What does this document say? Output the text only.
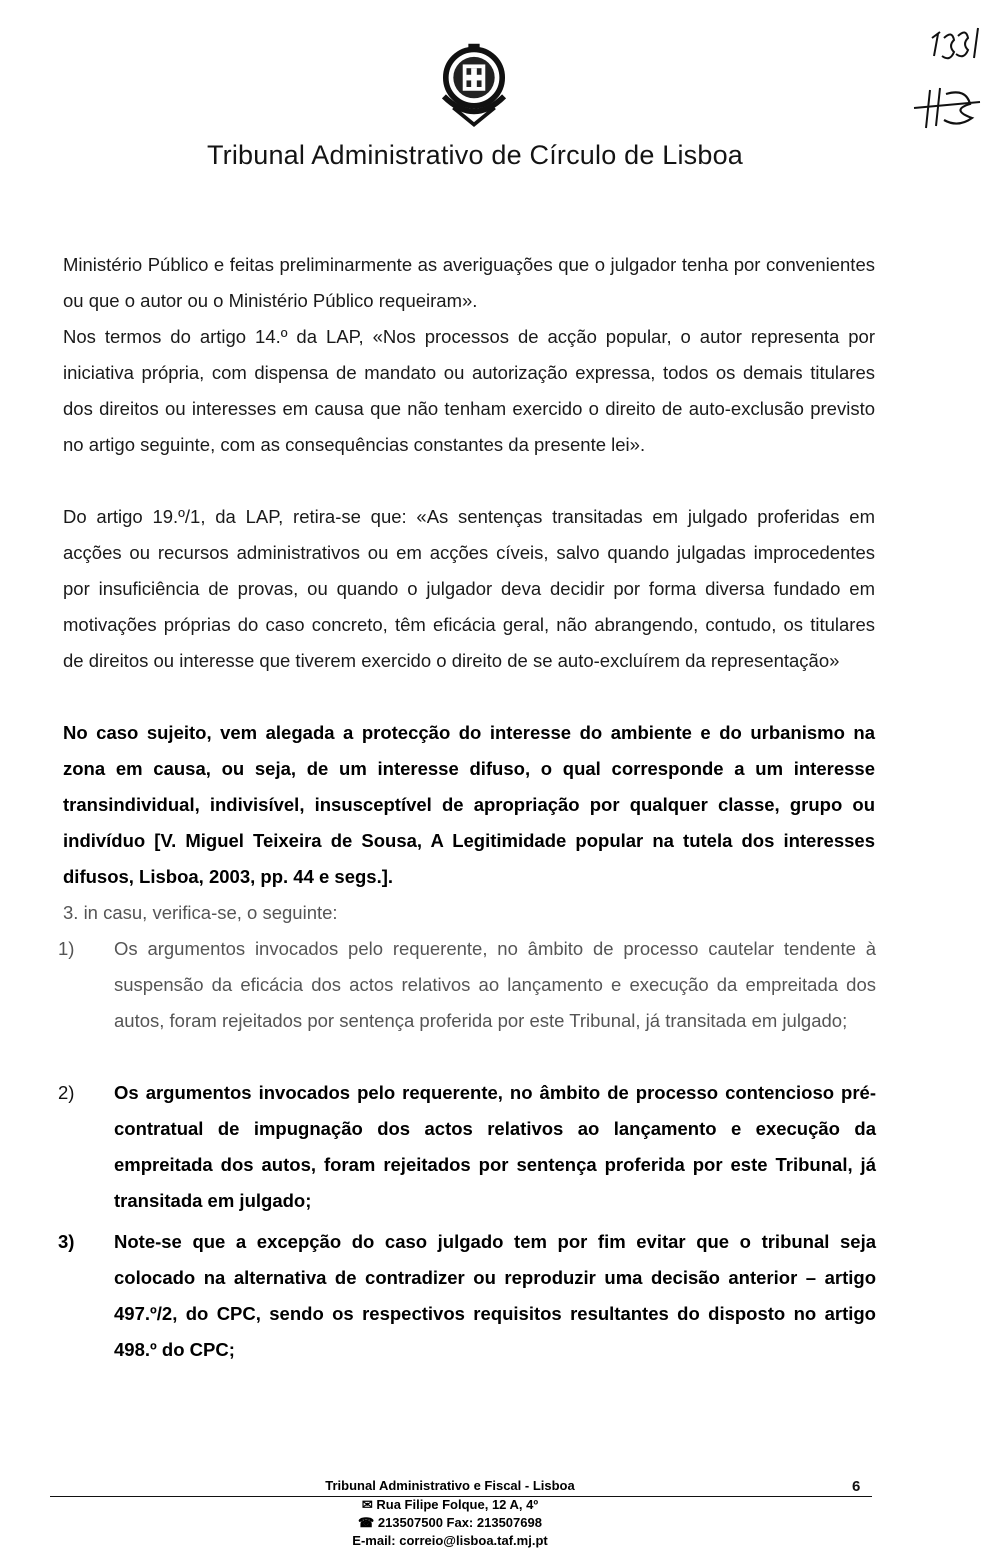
Tribunal Administrativo de Círculo de Lisboa

Ministério Público e feitas preliminarmente as averiguações que o julgador tenha por convenientes ou que o autor ou o Ministério Público requeiram».

Nos termos do artigo 14.º da LAP, «Nos processos de acção popular, o autor representa por iniciativa própria, com dispensa de mandato ou autorização expressa, todos os demais titulares dos direitos ou interesses em causa que não tenham exercido o direito de auto-exclusão previsto no artigo seguinte, com as consequências constantes da presente lei».

Do artigo 19.º/1, da LAP, retira-se que: «As sentenças transitadas em julgado proferidas em acções ou recursos administrativos ou em acções cíveis, salvo quando julgadas improcedentes por insuficiência de provas, ou quando o julgador deva decidir por forma diversa fundado em motivações próprias do caso concreto, têm eficácia geral, não abrangendo, contudo, os titulares de direitos ou interesse que tiverem exercido o direito de se auto-excluírem da representação»

No caso sujeito, vem alegada a protecção do interesse do ambiente e do urbanismo na zona em causa, ou seja, de um interesse difuso, o qual corresponde a um interesse transindividual, indivisível, insusceptível de apropriação por qualquer classe, grupo ou indivíduo [V. Miguel Teixeira de Sousa, A Legitimidade popular na tutela dos interesses difusos, Lisboa, 2003, pp. 44 e segs.].

3. in casu, verifica-se, o seguinte:

1)	Os argumentos invocados pelo requerente, no âmbito de processo cautelar tendente à suspensão da eficácia dos actos relativos ao lançamento e execução da empreitada dos autos, foram rejeitados por sentença proferida por este Tribunal, já transitada em julgado;
2)	Os argumentos invocados pelo requerente, no âmbito de processo contencioso pré-contratual de impugnação dos actos relativos ao lançamento e execução da empreitada dos autos, foram rejeitados por sentença proferida por este Tribunal, já transitada em julgado;
3)	Note-se que a excepção do caso julgado tem por fim evitar que o tribunal seja colocado na alternativa de contradizer ou reproduzir uma decisão anterior – artigo 497.º/2, do CPC, sendo os respectivos requisitos resultantes do disposto no artigo 498.º do CPC;
Tribunal Administrativo e Fiscal - Lisboa
✉ Rua Filipe Folque, 12 A, 4º
☎ 213507500 Fax: 213507698
E-mail: correio@lisboa.taf.mj.pt
6
